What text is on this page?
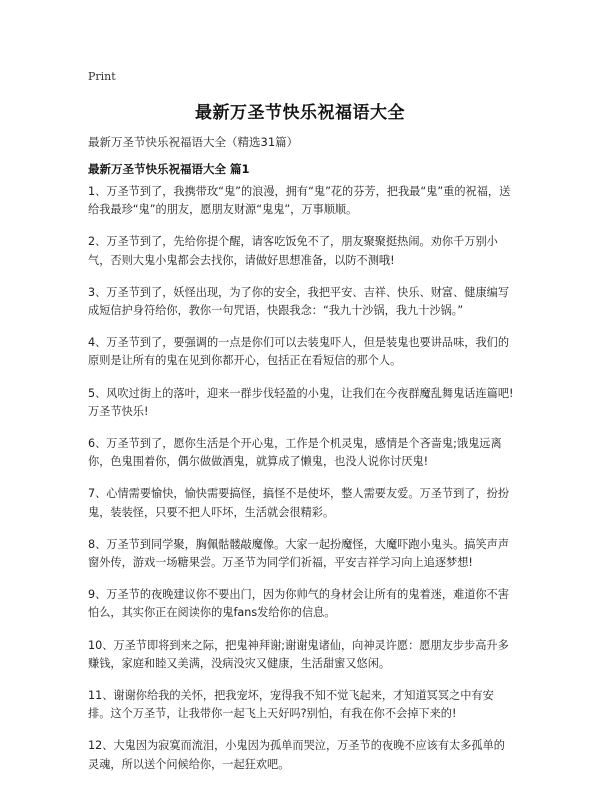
Print
最新万圣节快乐祝福语大全
最新万圣节快乐祝福语大全（精选31篇）
最新万圣节快乐祝福语大全 篇1

1、万圣节到了，我携带玫“鬼”的浪漫，拥有“鬼”花的芬芳，把我最“鬼”重的祝福，送给我最珍“鬼”的朋友，愿朋友财源“鬼鬼”，万事顺顺。

2、万圣节到了，先给你提个醒，请客吃饭免不了，朋友聚聚挺热闹。劝你千万别小气，否则大鬼小鬼都会去找你，请做好思想准备，以防不测哦!

3、万圣节到了，妖怪出现，为了你的安全，我把平安、吉祥、快乐、财富、健康编写成短信护身符给你，教你一句咒语，快跟我念：“我九十沙锅，我九十沙锅。”

4、万圣节到了，要强调的一点是你们可以去装鬼吓人，但是装鬼也要讲品味，我们的原则是让所有的鬼在见到你都开心，包括正在看短信的那个人。

5、风吹过街上的落叶，迎来一群步伐轻盈的小鬼，让我们在今夜群魔乱舞鬼话连篇吧!万圣节快乐!

6、万圣节到了，愿你生活是个开心鬼，工作是个机灵鬼，感情是个吝啬鬼;饿鬼远离你，色鬼围着你，偶尔做做酒鬼，就算成了懒鬼，也没人说你讨厌鬼!

7、心情需要愉快，愉快需要搞怪，搞怪不是使坏，整人需要友爱。万圣节到了，扮扮鬼，装装怪，只要不把人吓坏，生活就会很精彩。

8、万圣节到同学聚，胸佩骷髅敲魔像。大家一起扮魔怪，大魔吓跑小鬼头。搞笑声声窗外传，游戏一场糖果尝。万圣节为同学们祈福，平安吉祥学习向上追逐梦想!

9、万圣节的夜晚建议你不要出门，因为你帅气的身材会让所有的鬼着迷，难道你不害怕么，其实你正在阅读你的鬼fans发给你的信息。

10、万圣节即将到来之际，把鬼神拜谢;谢谢鬼诸仙，向神灵许愿：愿朋友步步高升多赚钱，家庭和睦又美满，没病没灾又健康，生活甜蜜又悠闲。

11、谢谢你给我的关怀，把我宠坏，宠得我不知不觉飞起来，才知道冥冥之中有安排。这个万圣节，让我带你一起飞上天好吗?别怕，有我在你不会掉下来的!

12、大鬼因为寂寞而流泪，小鬼因为孤单而哭泣，万圣节的夜晚不应该有太多孤单的灵魂，所以送个问候给你，一起狂欢吧。
